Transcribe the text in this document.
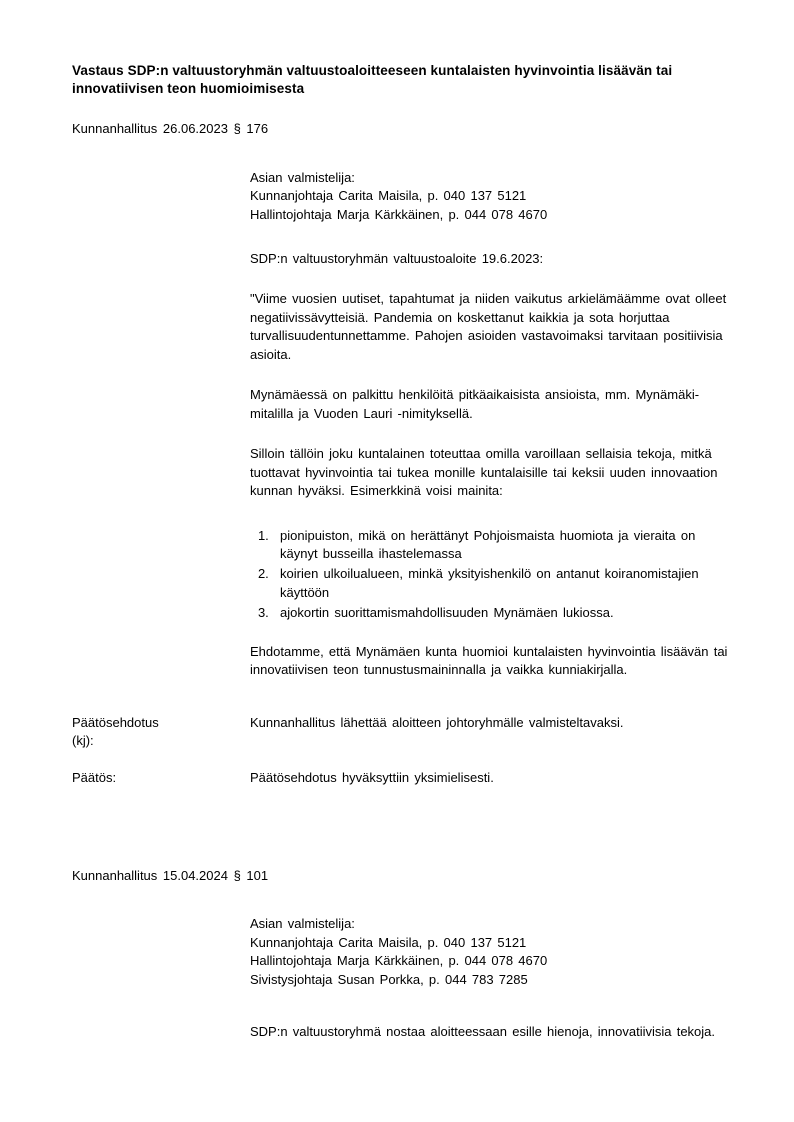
Vastaus SDP:n valtuustoryhmän valtuustoaloitteeseen kuntalaisten hyvinvointia lisäävän tai innovatiivisen teon huomioimisesta

Kunnanhallitus 26.06.2023 § 176

Asian valmistelija:

Kunnanjohtaja Carita Maisila, p. 040 137 5121

Hallintojohtaja Marja Kärkkäinen, p. 044 078 4670

SDP:n valtuustoryhmän valtuustoaloite 19.6.2023:

"Viime vuosien uutiset, tapahtumat ja niiden vaikutus arkielämäämme ovat olleet negatiivissävytteisiä. Pandemia on koskettanut kaikkia ja sota horjuttaa turvallisuudentunnettamme. Pahojen asioiden vastavoimaksi tarvitaan positiivisia asioita.

Mynämäessä on palkittu henkilöitä pitkäaikaisista ansioista, mm. Mynämäki-mitalilla ja Vuoden Lauri -nimityksellä.

Silloin tällöin joku kuntalainen toteuttaa omilla varoillaan sellaisia tekoja, mitkä tuottavat hyvinvointia tai tukea monille kuntalaisille tai keksii uuden innovaation kunnan hyväksi. Esimerkkinä voisi mainita:

1. pionipuiston, mikä on herättänyt Pohjoismaista huomiota ja vieraita on käynyt busseilla ihastelemassa
2. koirien ulkoilualueen, minkä yksityishenkilö on antanut koiranomistajien käyttöön
3. ajokortin suorittamismahdollisuuden Mynämäen lukiossa.

Ehdotamme, että Mynämäen kunta huomioi kuntalaisten hyvinvointia lisäävän tai innovatiivisen teon tunnustusmaininnalla ja vaikka kunniakirjalla.

Päätösehdotus
(kj):
Kunnanhallitus lähettää aloitteen johtoryhmälle valmisteltavaksi.
Päätös:	Päätösehdotus hyväksyttiin yksimielisesti.

Kunnanhallitus 15.04.2024 § 101

Asian valmistelija:

Kunnanjohtaja Carita Maisila, p. 040 137 5121

Hallintojohtaja Marja Kärkkäinen, p. 044 078 4670

Sivistysjohtaja Susan Porkka, p. 044 783 7285

SDP:n valtuustoryhmä nostaa aloitteessaan esille hienoja, innovatiivisia tekoja.
